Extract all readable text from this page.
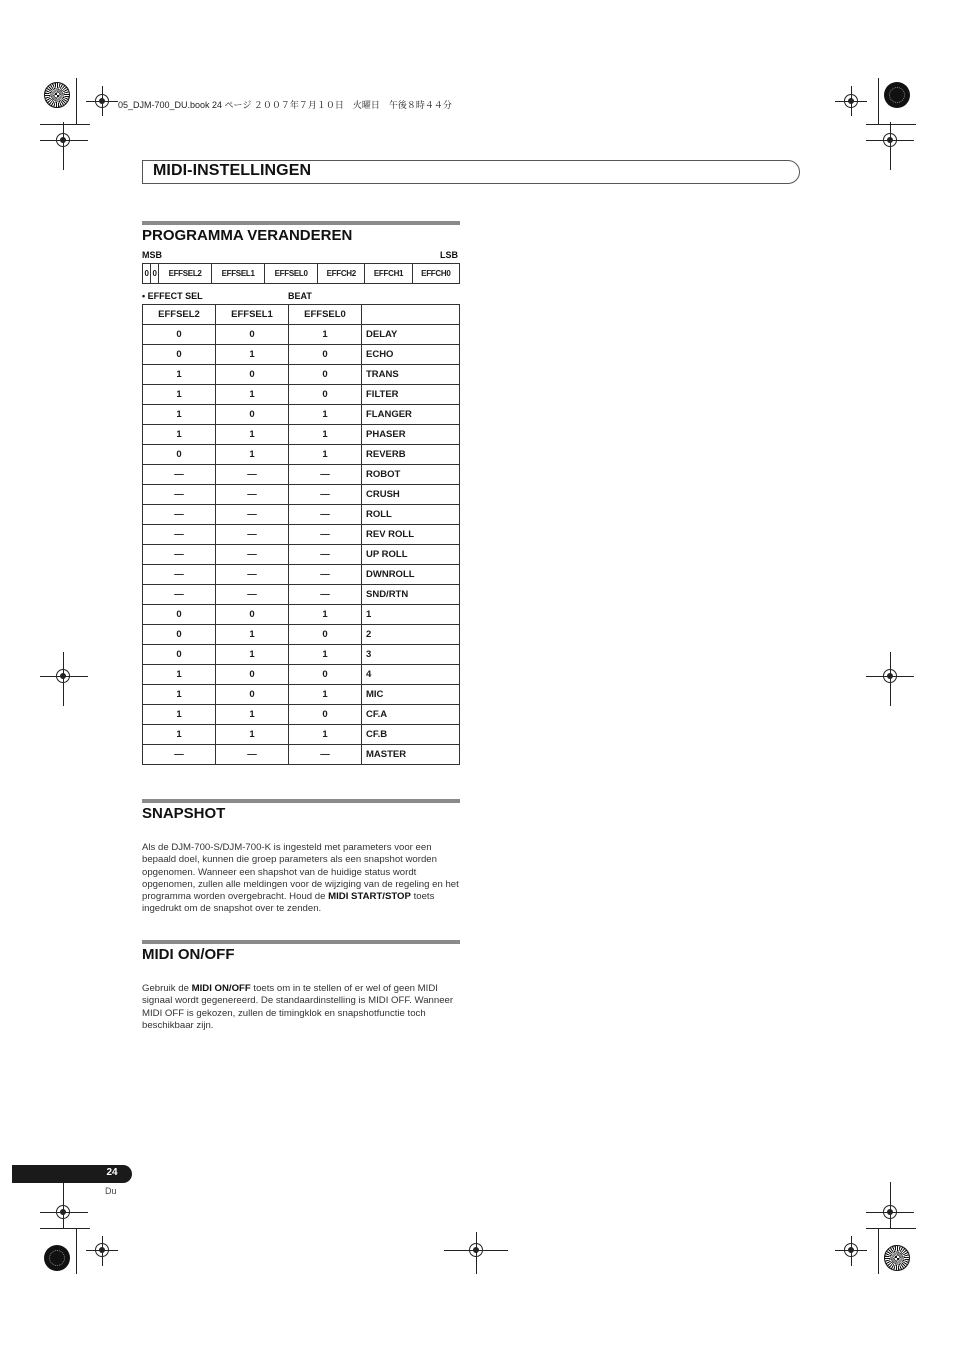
05_DJM-700_DU.book 24 ページ ２００７年７月１０日　火曜日　午後８時４４分
MIDI-INSTELLINGEN
PROGRAMMA VERANDEREN
MSB	LSB
0	0	EFFSEL2	EFFSEL1	EFFSEL0	EFFCH2	EFFCH1	EFFCH0
• EFFECT SEL	BEAT
EFFSEL2	EFFSEL1	EFFSEL0	
0	0	1	DELAY
0	1	0	ECHO
1	0	0	TRANS
1	1	0	FILTER
1	0	1	FLANGER
1	1	1	PHASER
0	1	1	REVERB
—	—	—	ROBOT
—	—	—	CRUSH
—	—	—	ROLL
—	—	—	REV ROLL
—	—	—	UP ROLL
—	—	—	DWNROLL
—	—	—	SND/RTN
0	0	1	1
0	1	0	2
0	1	1	3
1	0	0	4
1	0	1	MIC
1	1	0	CF.A
1	1	1	CF.B
—	—	—	MASTER
SNAPSHOT
Als de DJM-700-S/DJM-700-K is ingesteld met parameters voor een bepaald doel, kunnen die groep parameters als een snapshot worden opgenomen. Wanneer een shapshot van de huidige status wordt opgenomen, zullen alle meldingen voor de wijziging van de regeling en het programma worden overgebracht. Houd de MIDI START/STOP toets ingedrukt om de snapshot over te zenden.
MIDI ON/OFF
Gebruik de MIDI ON/OFF toets om in te stellen of er wel of geen MIDI signaal wordt gegenereerd. De standaardinstelling is MIDI OFF. Wanneer MIDI OFF is gekozen, zullen de timingklok en snapshotfunctie toch beschikbaar zijn.
24
Du
